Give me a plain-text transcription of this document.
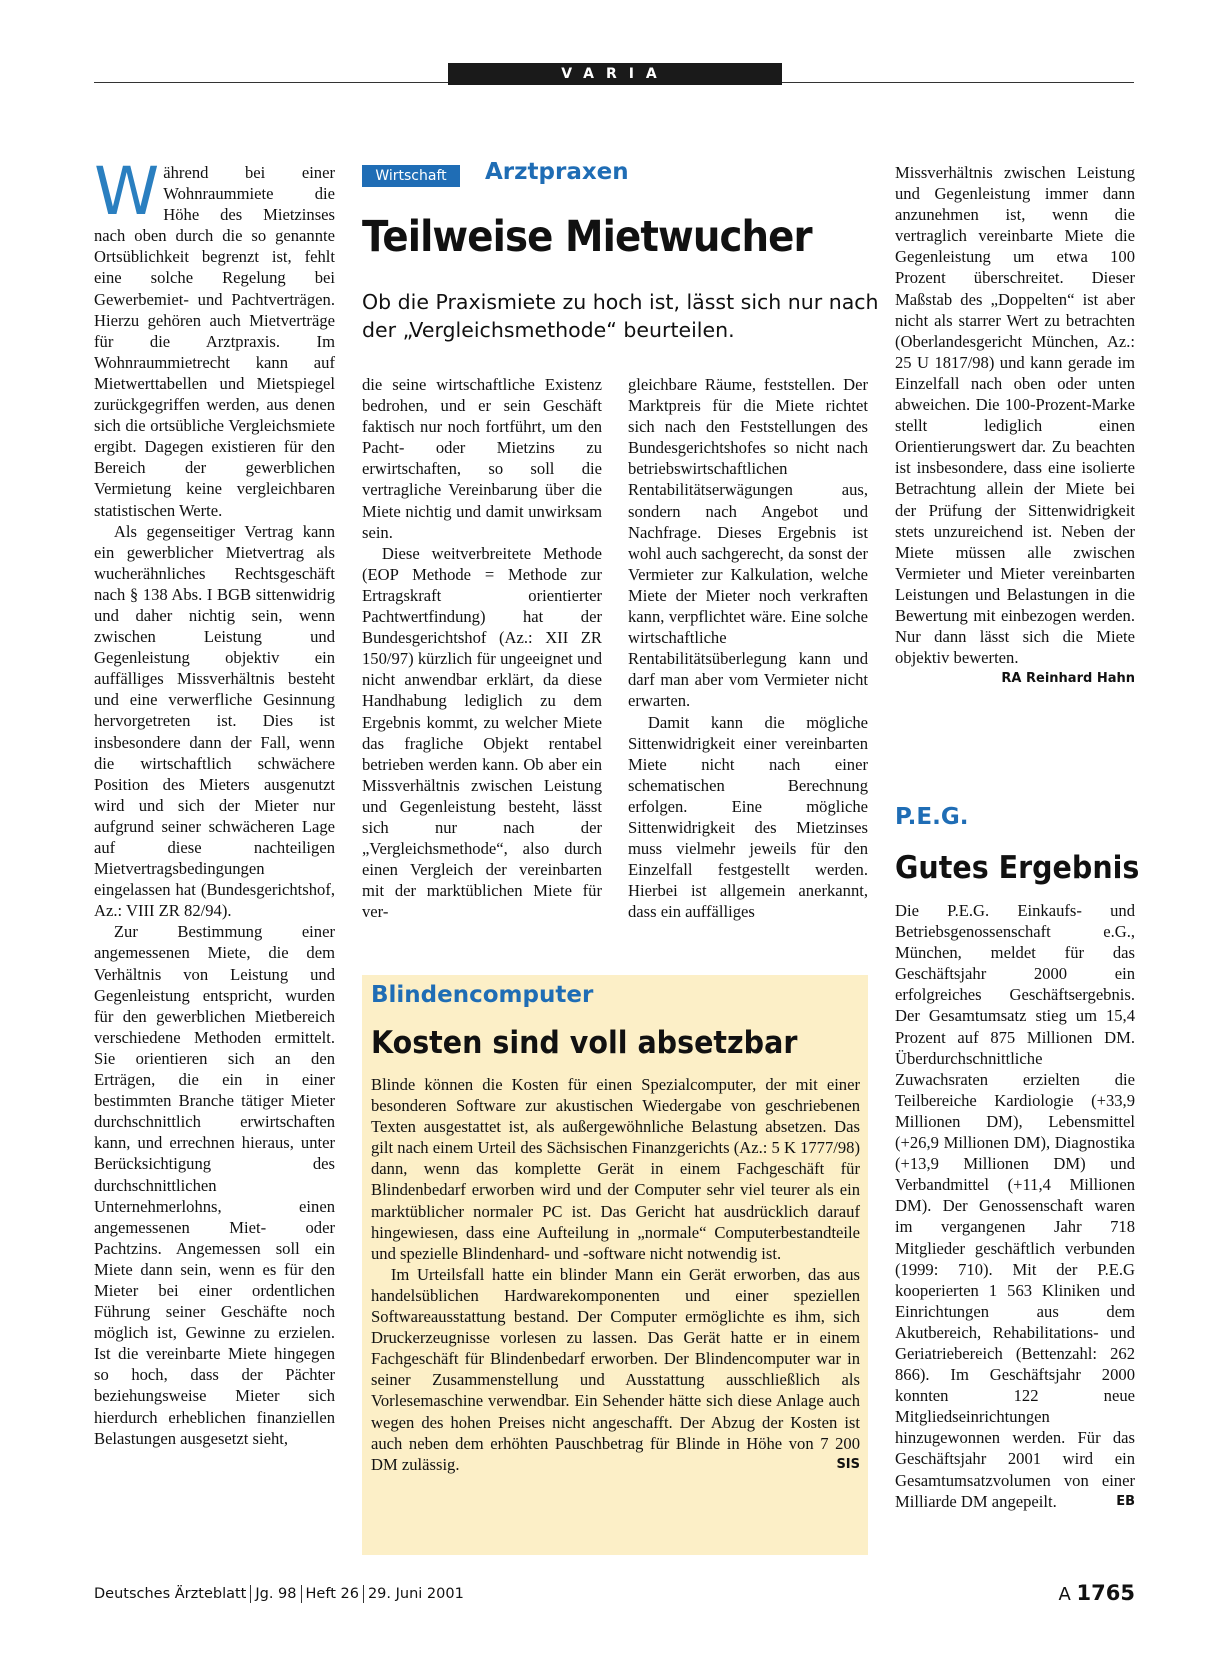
VARIA

Während bei einer Wohnraummiete die Höhe des Mietzinses nach oben durch die so genannte Ortsüblichkeit begrenzt ist, fehlt eine solche Regelung bei Gewerbemiet- und Pachtverträgen. Hierzu gehören auch Mietverträge für die Arztpraxis. Im Wohnraummietrecht kann auf Mietwerttabellen und Mietspiegel zurückgegriffen werden, aus denen sich die ortsübliche Vergleichsmiete ergibt. Dagegen existieren für den Bereich der gewerblichen Vermietung keine vergleichbaren statistischen Werte.

Als gegenseitiger Vertrag kann ein gewerblicher Mietvertrag als wucherähnliches Rechtsgeschäft nach § 138 Abs. I BGB sittenwidrig und daher nichtig sein, wenn zwischen Leistung und Gegenleistung objektiv ein auffälliges Missverhältnis besteht und eine verwerfliche Gesinnung hervorgetreten ist. Dies ist insbesondere dann der Fall, wenn die wirtschaftlich schwächere Position des Mieters ausgenutzt wird und sich der Mieter nur aufgrund seiner schwächeren Lage auf diese nachteiligen Mietvertragsbedingungen eingelassen hat (Bundesgerichtshof, Az.: VIII ZR 82/94).

Zur Bestimmung einer angemessenen Miete, die dem Verhältnis von Leistung und Gegenleistung entspricht, wurden für den gewerblichen Mietbereich verschiedene Methoden ermittelt. Sie orientieren sich an den Erträgen, die ein in einer bestimmten Branche tätiger Mieter durchschnittlich erwirtschaften kann, und errechnen hieraus, unter Berücksichtigung des durchschnittlichen Unternehmerlohns, einen angemessenen Miet- oder Pachtzins. Angemessen soll ein Miete dann sein, wenn es für den Mieter bei einer ordentlichen Führung seiner Geschäfte noch möglich ist, Gewinne zu erzielen. Ist die vereinbarte Miete hingegen so hoch, dass der Pächter beziehungsweise Mieter sich hierdurch erheblichen finanziellen Belastungen ausgesetzt sieht,

Wirtschaft	Arztpraxen
Teilweise Mietwucher
Ob die Praxismiete zu hoch ist, lässt sich nur nach der „Vergleichsmethode“ beurteilen.

die seine wirtschaftliche Existenz bedrohen, und er sein Geschäft faktisch nur noch fortführt, um den Pacht- oder Mietzins zu erwirtschaften, so soll die vertragliche Vereinbarung über die Miete nichtig und damit unwirksam sein.

Diese weitverbreitete Methode (EOP Methode = Methode zur Ertragskraft orientierter Pachtwertfindung) hat der Bundesgerichtshof (Az.: XII ZR 150/97) kürzlich für ungeeignet und nicht anwendbar erklärt, da diese Handhabung lediglich zu dem Ergebnis kommt, zu welcher Miete das fragliche Objekt rentabel betrieben werden kann. Ob aber ein Missverhältnis zwischen Leistung und Gegenleistung besteht, lässt sich nur nach der „Vergleichsmethode“, also durch einen Vergleich der vereinbarten mit der marktüblichen Miete für ver-

gleichbare Räume, feststellen. Der Marktpreis für die Miete richtet sich nach den Feststellungen des Bundesgerichtshofes so nicht nach betriebswirtschaftlichen Rentabilitätserwägungen aus, sondern nach Angebot und Nachfrage. Dieses Ergebnis ist wohl auch sachgerecht, da sonst der Vermieter zur Kalkulation, welche Miete der Mieter noch verkraften kann, verpflichtet wäre. Eine solche wirtschaftliche Rentabilitätsüberlegung kann und darf man aber vom Vermieter nicht erwarten.

Damit kann die mögliche Sittenwidrigkeit einer vereinbarten Miete nicht nach einer schematischen Berechnung erfolgen. Eine mögliche Sittenwidrigkeit des Mietzinses muss vielmehr jeweils für den Einzelfall festgestellt werden. Hierbei ist allgemein anerkannt, dass ein auffälliges

Missverhältnis zwischen Leistung und Gegenleistung immer dann anzunehmen ist, wenn die vertraglich vereinbarte Miete die Gegenleistung um etwa 100 Prozent überschreitet. Dieser Maßstab des „Doppelten“ ist aber nicht als starrer Wert zu betrachten (Oberlandesgericht München, Az.: 25 U 1817/98) und kann gerade im Einzelfall nach oben oder unten abweichen. Die 100-Prozent-Marke stellt lediglich einen Orientierungswert dar. Zu beachten ist insbesondere, dass eine isolierte Betrachtung allein der Miete bei der Prüfung der Sittenwidrigkeit stets unzureichend ist. Neben der Miete müssen alle zwischen Vermieter und Mieter vereinbarten Leistungen und Belastungen in die Bewertung mit einbezogen werden. Nur dann lässt sich die Miete objektiv bewerten.
RA Reinhard Hahn

Blindencomputer
Kosten sind voll absetzbar

Blinde können die Kosten für einen Spezialcomputer, der mit einer besonderen Software zur akustischen Wiedergabe von geschriebenen Texten ausgestattet ist, als außergewöhnliche Belastung absetzen. Das gilt nach einem Urteil des Sächsischen Finanzgerichts (Az.: 5 K 1777/98) dann, wenn das komplette Gerät in einem Fachgeschäft für Blindenbedarf erworben wird und der Computer sehr viel teurer als ein marktüblicher normaler PC ist. Das Gericht hat ausdrücklich darauf hingewiesen, dass eine Aufteilung in „normale“ Computerbestandteile und spezielle Blindenhard- und -software nicht notwendig ist.

Im Urteilsfall hatte ein blinder Mann ein Gerät erworben, das aus handelsüblichen Hardwarekomponenten und einer speziellen Softwareausstattung bestand. Der Computer ermöglichte es ihm, sich Druckerzeugnisse vorlesen zu lassen. Das Gerät hatte er in einem Fachgeschäft für Blindenbedarf erworben. Der Blindencomputer war in seiner Zusammenstellung und Ausstattung ausschließlich als Vorlesemaschine verwendbar. Ein Sehender hätte sich diese Anlage auch wegen des hohen Preises nicht angeschafft. Der Abzug der Kosten ist auch neben dem erhöhten Pauschbetrag für Blinde in Höhe von 7 200 DM zulässig.	SIS

P.E.G.
Gutes Ergebnis

Die P.E.G. Einkaufs- und Betriebsgenossenschaft e.G., München, meldet für das Geschäftsjahr 2000 ein erfolgreiches Geschäftsergebnis. Der Gesamtumsatz stieg um 15,4 Prozent auf 875 Millionen DM. Überdurchschnittliche Zuwachsraten erzielten die Teilbereiche Kardiologie (+33,9 Millionen DM), Lebensmittel (+26,9 Millionen DM), Diagnostika (+13,9 Millionen DM) und Verbandmittel (+11,4 Millionen DM). Der Genossenschaft waren im vergangenen Jahr 718 Mitglieder geschäftlich verbunden (1999: 710). Mit der P.E.G kooperierten 1 563 Kliniken und Einrichtungen aus dem Akutbereich, Rehabilitations- und Geriatriebereich (Bettenzahl: 262 866). Im Geschäftsjahr 2000 konnten 122 neue Mitgliedseinrichtungen hinzugewonnen werden. Für das Geschäftsjahr 2001 wird ein Gesamtumsatzvolumen von einer Milliarde DM angepeilt.	EB

Deutsches Ärzteblatt Jg. 98 Heft 26 29. Juni 2001	A 1765
